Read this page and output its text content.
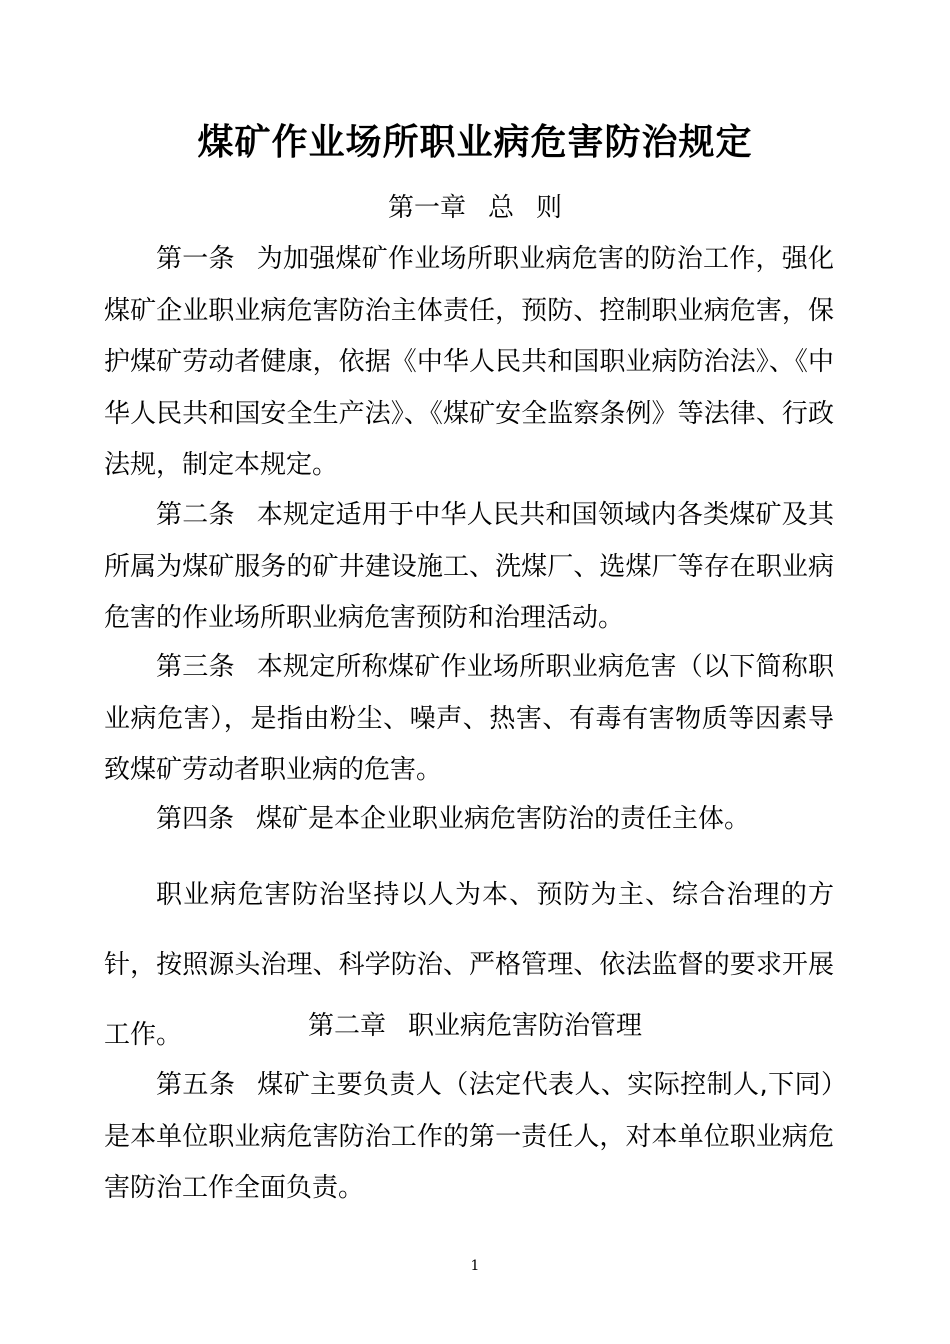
煤矿作业场所职业病危害防治规定
第一章 总 则

第一条 为加强煤矿作业场所职业病危害的防治工作，强化煤矿企业职业病危害防治主体责任，预防、控制职业病危害，保护煤矿劳动者健康，依据《中华人民共和国职业病防治法》、《中华人民共和国安全生产法》、《煤矿安全监察条例》等法律、行政法规，制定本规定。

第二条 本规定适用于中华人民共和国领域内各类煤矿及其所属为煤矿服务的矿井建设施工、洗煤厂、选煤厂等存在职业病危害的作业场所职业病危害预防和治理活动。

第三条 本规定所称煤矿作业场所职业病危害（以下简称职业病危害），是指由粉尘、噪声、热害、有毒有害物质等因素导致煤矿劳动者职业病的危害。

第四条 煤矿是本企业职业病危害防治的责任主体。

职业病危害防治坚持以人为本、预防为主、综合治理的方针，按照源头治理、科学防治、严格管理、依法监督的要求开展工作。	第二章 职业病危害防治管理

第五条 煤矿主要负责人（法定代表人、实际控制人,下同）是本单位职业病危害防治工作的第一责任人，对本单位职业病危害防治工作全面负责。

1
